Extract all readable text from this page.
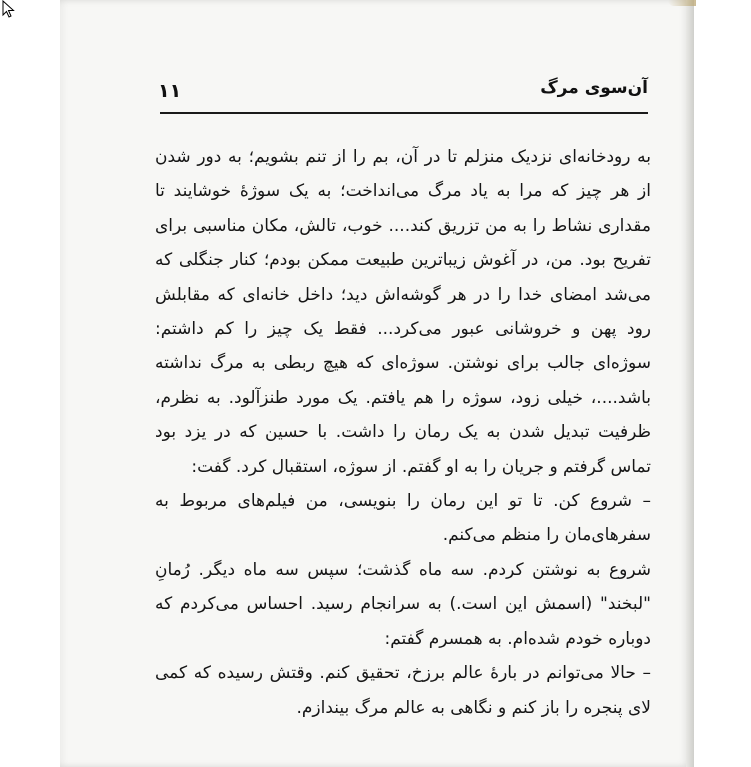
۱۱	آن‌سوی مرگ

به رودخانه‌ای نزدیک منزلم تا در آن، بم را از تنم بشویم؛ به دور شدن از هر چیز که مرا به یاد مرگ می‌انداخت؛ به یک سوژهٔ خوشایند تا مقداری نشاط را به من تزریق کند.... خوب، تالش، مکان مناسبی برای تفریح بود. من، در آغوش زیباترین طبیعت ممکن بودم؛ کنار جنگلی که می‌شد امضای خدا را در هر گوشه‌اش دید؛ داخل خانه‌ای که مقابلش رود پهن و خروشانی عبور می‌کرد... فقط یک چیز را کم داشتم: سوژه‌ای جالب برای نوشتن. سوژه‌ای که هیچ ربطی به مرگ نداشته باشد....، خیلی زود، سوژه را هم یافتم. یک مورد طنزآلود. به نظرم، ظرفیت تبدیل شدن به یک رمان را داشت. با حسین که در یزد بود تماس گرفتم و جریان را به او گفتم. از سوژه، استقبال کرد. گفت:

– شروع کن. تا تو این رمان را بنویسی، من فیلم‌های مربوط به سفرهای‌مان را منظم می‌کنم.

شروع به نوشتن کردم. سه ماه گذشت؛ سپس سه ماه دیگر. رُمانِ "لبخند" (اسمش این است.) به سرانجام رسید. احساس می‌کردم که دوباره خودم شده‌ام. به همسرم گفتم:

– حالا می‌توانم در بارهٔ عالم برزخ، تحقیق کنم. وقتش رسیده که کمی لای پنجره را باز کنم و نگاهی به عالم مرگ بیندازم.
